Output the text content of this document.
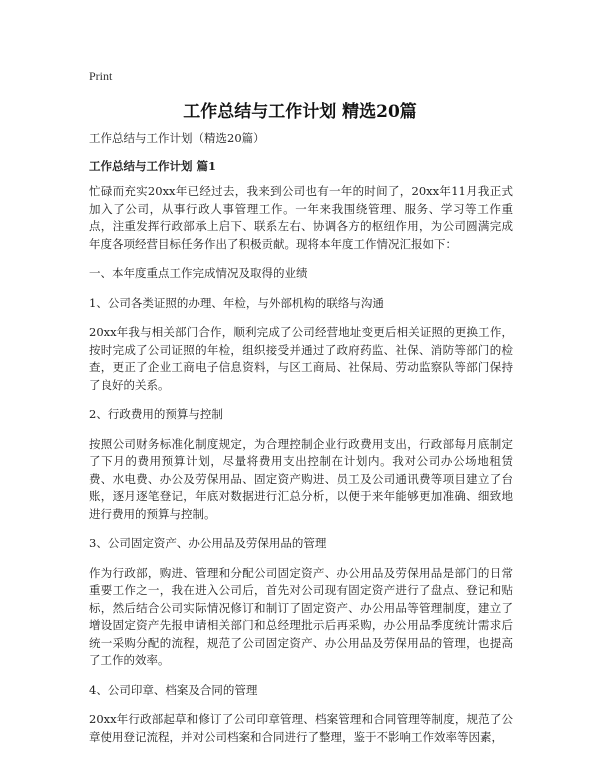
Print
工作总结与工作计划 精选20篇

工作总结与工作计划（精选20篇）

工作总结与工作计划 篇1

忙碌而充实20xx年已经过去，我来到公司也有一年的时间了，20xx年11月我正式加入了公司，从事行政人事管理工作。一年来我围绕管理、服务、学习等工作重点，注重发挥行政部承上启下、联系左右、协调各方的枢纽作用，为公司圆满完成年度各项经营目标任务作出了积极贡献。现将本年度工作情况汇报如下：

一、本年度重点工作完成情况及取得的业绩

1、公司各类证照的办理、年检，与外部机构的联络与沟通

20xx年我与相关部门合作，顺利完成了公司经营地址变更后相关证照的更换工作，按时完成了公司证照的年检，组织接受并通过了政府药监、社保、消防等部门的检查，更正了企业工商电子信息资料，与区工商局、社保局、劳动监察队等部门保持了良好的关系。

2、行政费用的预算与控制

按照公司财务标准化制度规定，为合理控制企业行政费用支出，行政部每月底制定了下月的费用预算计划，尽量将费用支出控制在计划内。我对公司办公场地租赁费、水电费、办公及劳保用品、固定资产购进、员工及公司通讯费等项目建立了台账，逐月逐笔登记，年底对数据进行汇总分析，以便于来年能够更加准确、细致地进行费用的预算与控制。

3、公司固定资产、办公用品及劳保用品的管理

作为行政部，购进、管理和分配公司固定资产、办公用品及劳保用品是部门的日常重要工作之一，我在进入公司后，首先对公司现有固定资产进行了盘点、登记和贴标，然后结合公司实际情况修订和制订了固定资产、办公用品等管理制度，建立了增设固定资产先报申请相关部门和总经理批示后再采购，办公用品季度统计需求后统一采购分配的流程，规范了公司固定资产、办公用品及劳保用品的管理，也提高了工作的效率。

4、公司印章、档案及合同的管理

20xx年行政部起草和修订了公司印章管理、档案管理和合同管理等制度，规范了公章使用登记流程，并对公司档案和合同进行了整理，鉴于不影响工作效率等因素，
